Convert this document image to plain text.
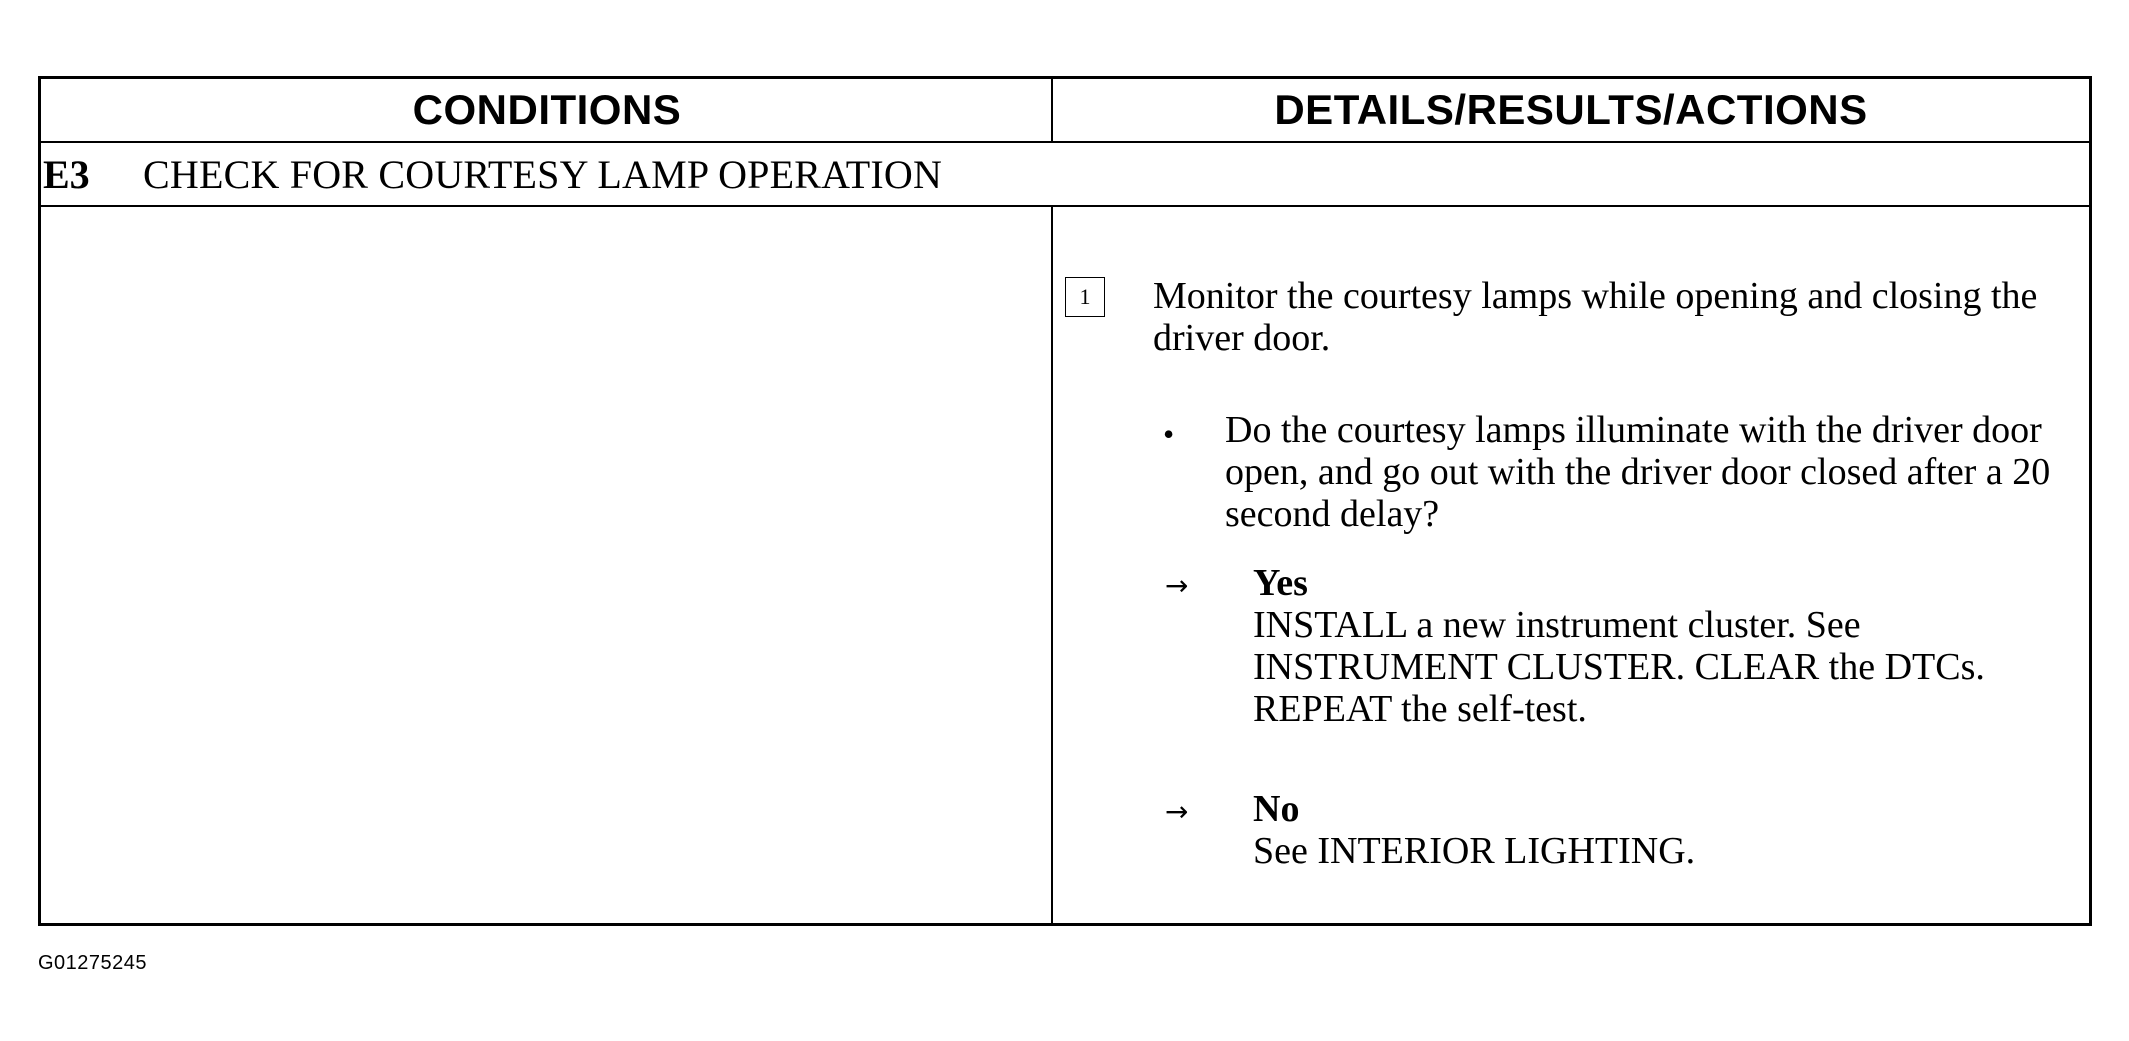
CONDITIONS	DETAILS/RESULTS/ACTIONS
E3	CHECK FOR COURTESY LAMP OPERATION
1	Monitor the courtesy lamps while opening and closing the driver door.
•	Do the courtesy lamps illuminate with the driver door open, and go out with the driver door closed after a 20 second delay?
→	Yes
INSTALL a new instrument cluster. See INSTRUMENT CLUSTER. CLEAR the DTCs. REPEAT the self-test.
→	No
See INTERIOR LIGHTING.
G01275245
